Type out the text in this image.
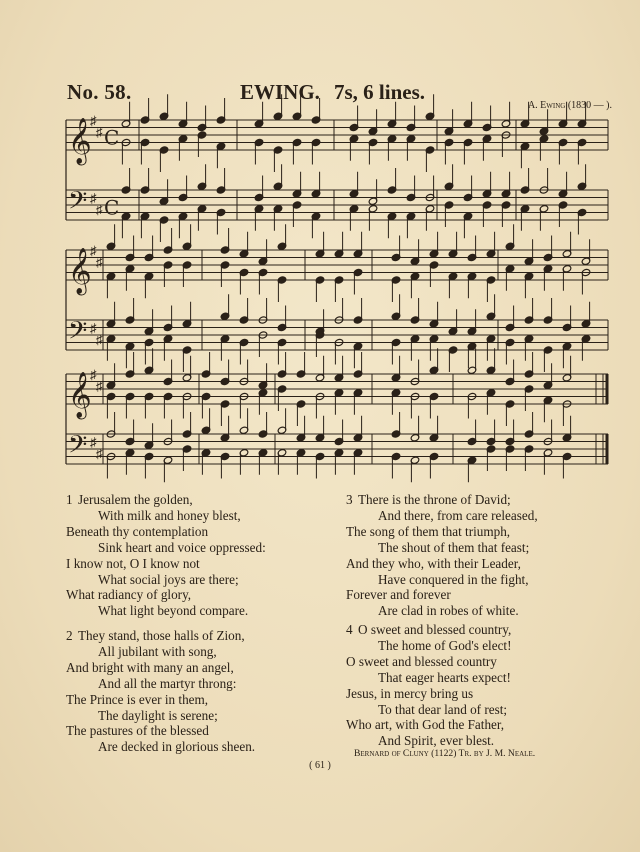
No. 58.	EWING. 7s, 6 lines.
A. Ewing (1830 — ).
𝄞
♯
♯ C
𝄢 ♯
♯ C
𝄞
♯
♯
𝄢 ♯
♯
𝄞
♯
♯
𝄢 ♯
♯
1 Jerusalem the golden,
With milk and honey blest,
Beneath thy contemplation
Sink heart and voice oppressed:
I know not, O I know not
What social joys are there;
What radiancy of glory,
What light beyond compare.
2 They stand, those halls of Zion,
All jubilant with song,
And bright with many an angel,
And all the martyr throng:
The Prince is ever in them,
The daylight is serene;
The pastures of the blessed
Are decked in glorious sheen.
3 There is the throne of David;
And there, from care released,
The song of them that triumph,
The shout of them that feast;
And they who, with their Leader,
Have conquered in the fight,
Forever and forever
Are clad in robes of white.
4 O sweet and blessed country,
The home of God's elect!
O sweet and blessed country
That eager hearts expect!
Jesus, in mercy bring us
To that dear land of rest;
Who art, with God the Father,
And Spirit, ever blest.
Bernard of Cluny (1122) Tr. by J. M. Neale.
( 61 )
